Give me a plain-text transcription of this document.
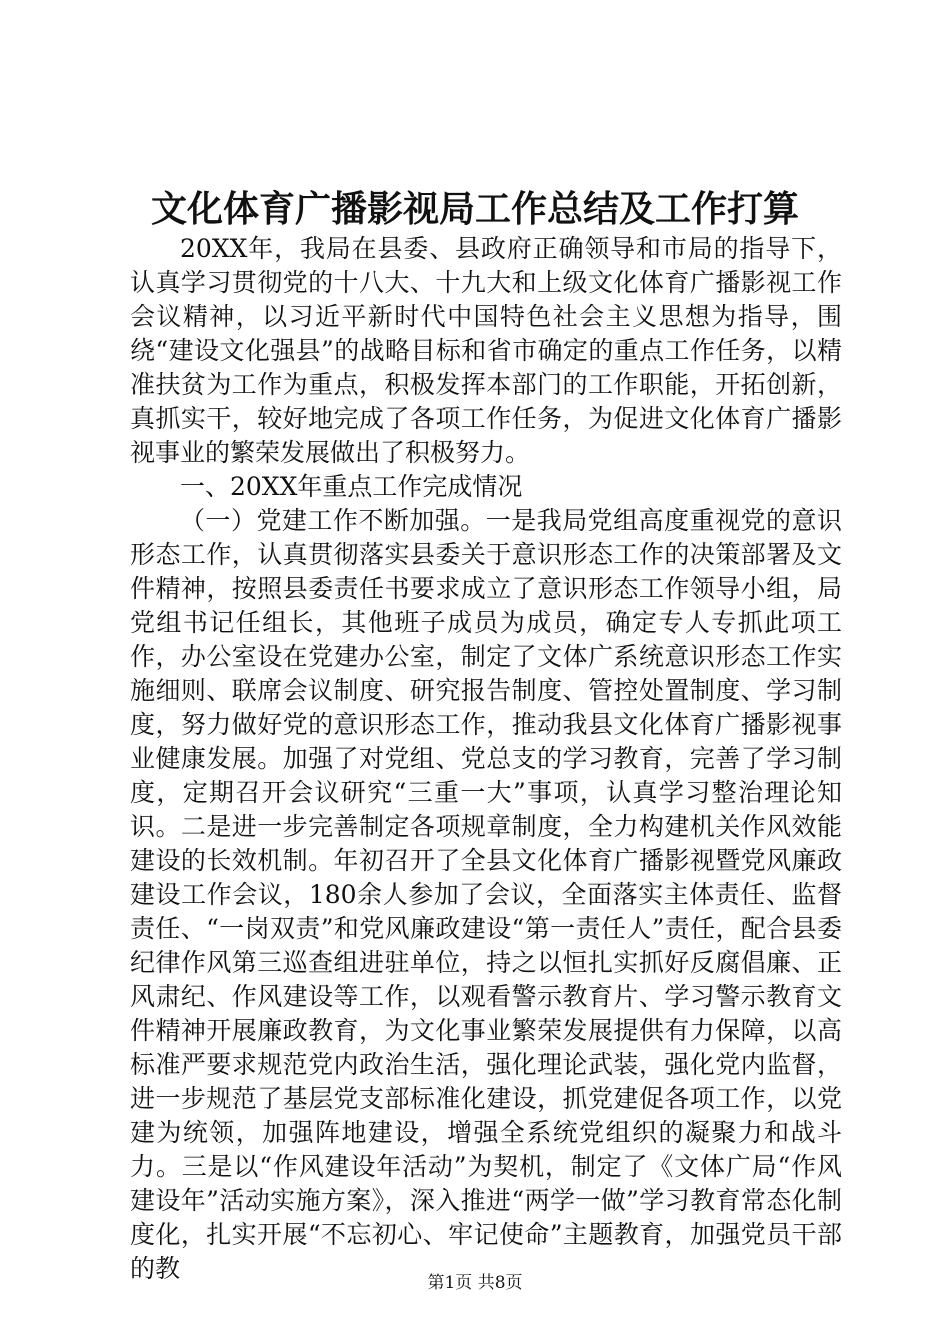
文化体育广播影视局工作总结及工作打算

20XX年，我局在县委、县政府正确领导和市局的指导下，认真学习贯彻党的十八大、十九大和上级文化体育广播影视工作会议精神，以习近平新时代中国特色社会主义思想为指导，围绕“建设文化强县”的战略目标和省市确定的重点工作任务，以精准扶贫为工作为重点，积极发挥本部门的工作职能，开拓创新，真抓实干，较好地完成了各项工作任务，为促进文化体育广播影视事业的繁荣发展做出了积极努力。

一、20XX年重点工作完成情况

（一）党建工作不断加强。一是我局党组高度重视党的意识形态工作，认真贯彻落实县委关于意识形态工作的决策部署及文件精神，按照县委责任书要求成立了意识形态工作领导小组，局党组书记任组长，其他班子成员为成员，确定专人专抓此项工作，办公室设在党建办公室，制定了文体广系统意识形态工作实施细则、联席会议制度、研究报告制度、管控处置制度、学习制度，努力做好党的意识形态工作，推动我县文化体育广播影视事业健康发展。加强了对党组、党总支的学习教育，完善了学习制度，定期召开会议研究“三重一大”事项，认真学习整治理论知识。二是进一步完善制定各项规章制度，全力构建机关作风效能建设的长效机制。年初召开了全县文化体育广播影视暨党风廉政建设工作会议，180余人参加了会议，全面落实主体责任、监督责任、“一岗双责”和党风廉政建设“第一责任人”责任，配合县委纪律作风第三巡查组进驻单位，持之以恒扎实抓好反腐倡廉、正风肃纪、作风建设等工作，以观看警示教育片、学习警示教育文件精神开展廉政教育，为文化事业繁荣发展提供有力保障，以高标准严要求规范党内政治生活，强化理论武装，强化党内监督，进一步规范了基层党支部标准化建设，抓党建促各项工作，以党建为统领，加强阵地建设，增强全系统党组织的凝聚力和战斗力。三是以“作风建设年活动”为契机，制定了《文体广局“作风建设年”活动实施方案》，深入推进“两学一做”学习教育常态化制度化，扎实开展“不忘初心、牢记使命”主题教育，加强党员干部的教	第1页 共8页
